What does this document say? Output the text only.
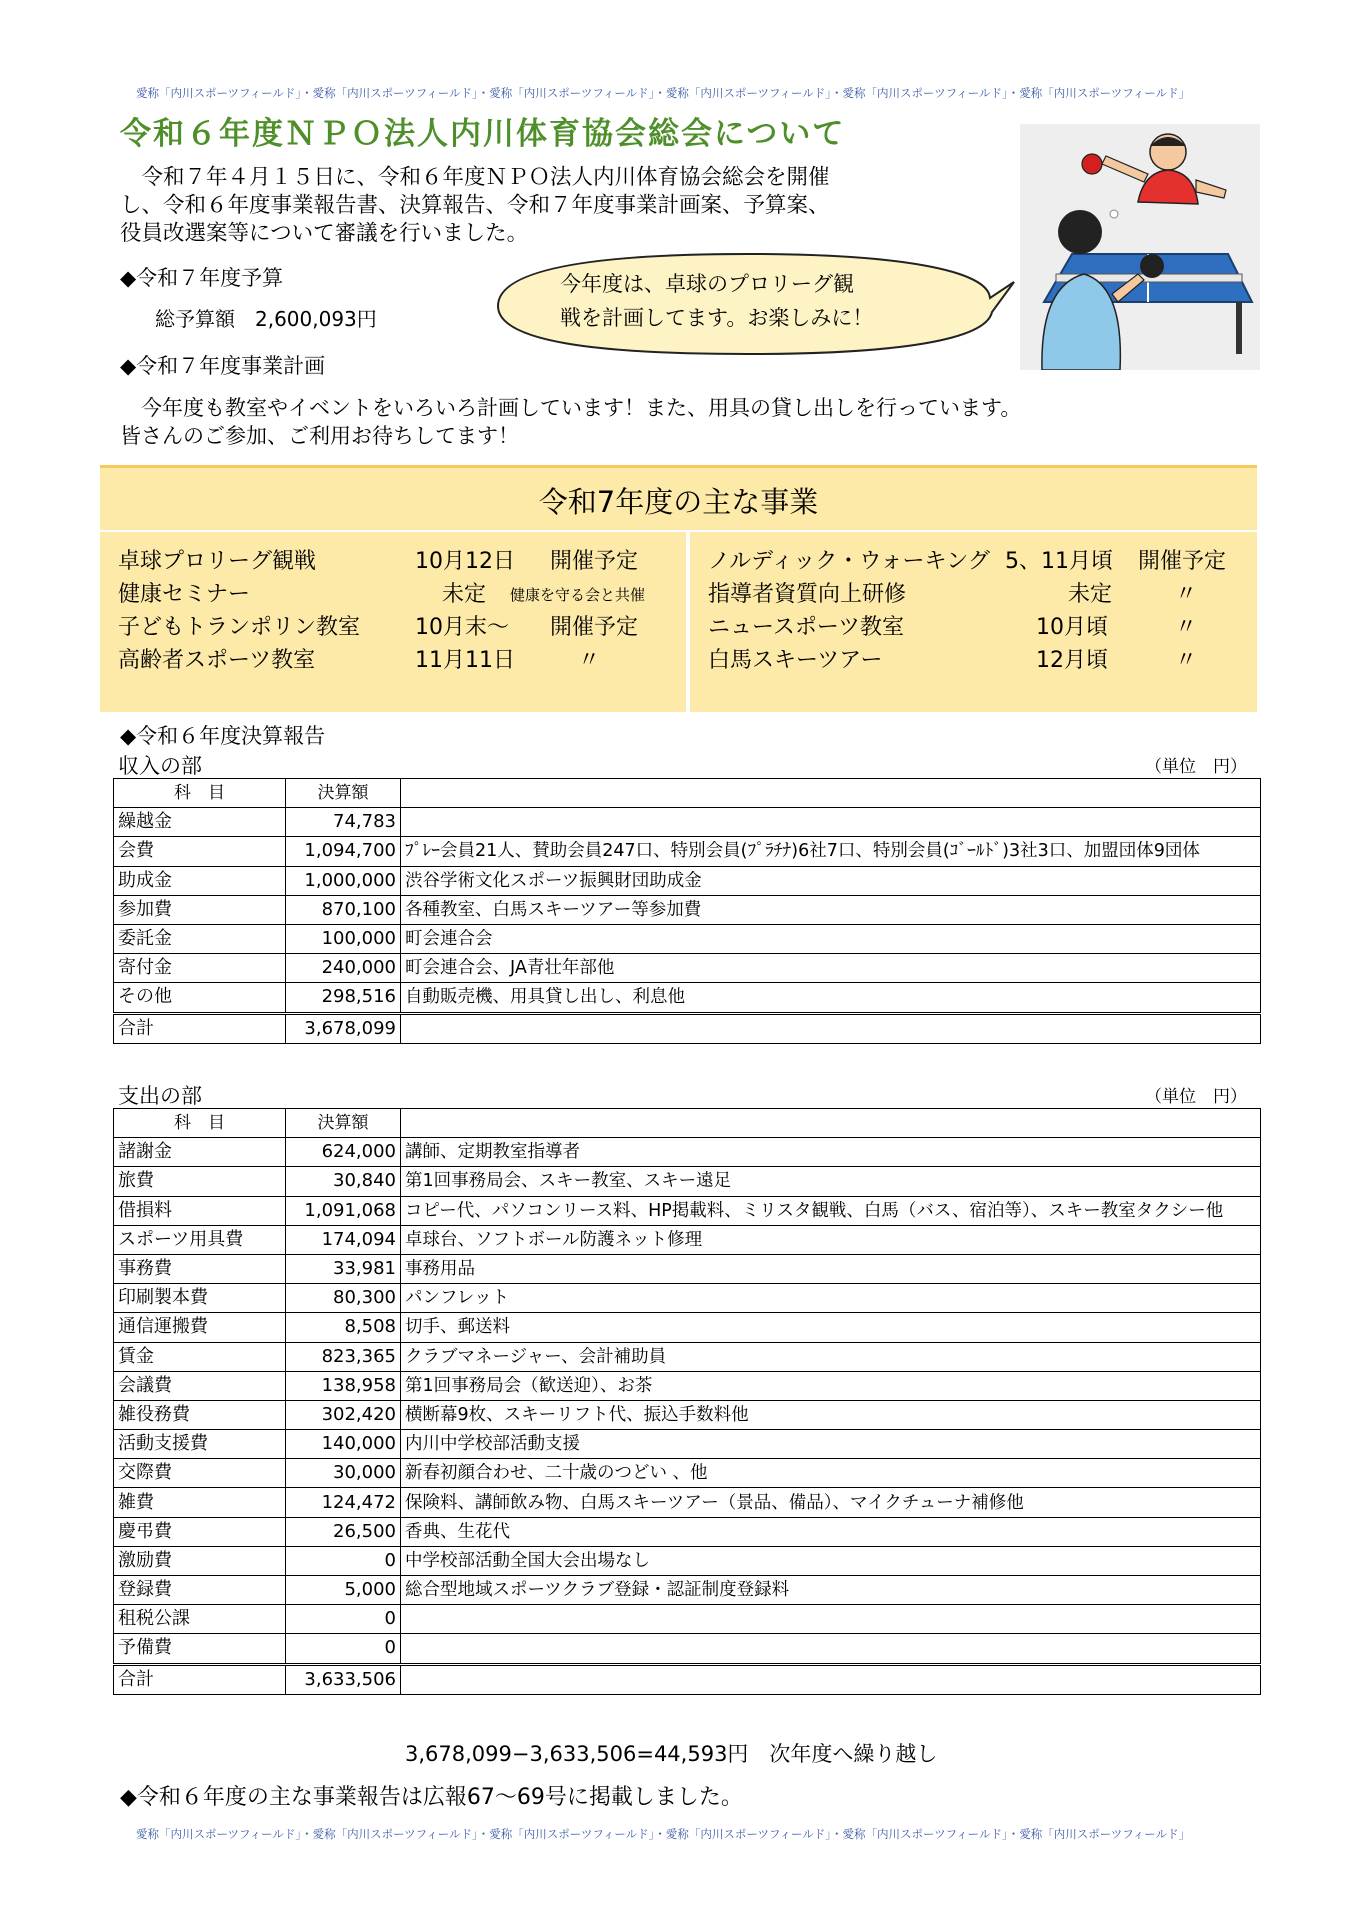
愛称「内川スポーツフィールド」・愛称「内川スポーツフィールド」・愛称「内川スポーツフィールド」・愛称「内川スポーツフィールド」・愛称「内川スポーツフィールド」・愛称「内川スポーツフィールド」
令和６年度ＮＰＯ法人内川体育協会総会について
　令和７年４月１５日に、令和６年度ＮＰＯ法人内川体育協会総会を開催
し、令和６年度事業報告書、決算報告、令和７年度事業計画案、予算案、
役員改選案等について審議を行いました。
◆令和７年度予算
総予算額　2,600,093円
今年度は、卓球のプロリーグ観
戦を計画してます。お楽しみに！
◆令和７年度事業計画
　今年度も教室やイベントをいろいろ計画しています！また、用具の貸し出しを行っています。
皆さんのご参加、ご利用お待ちしてます！
令和7年度の主な事業
卓球プロリーグ観戦	10月12日 開催予定
健康セミナー	未定 健康を守る会と共催
子どもトランポリン教室 10月末～ 開催予定
高齢者スポーツ教室	11月11日	〃
ノルディック・ウォーキング 5、11月頃 開催予定
指導者資質向上研修	未定	〃
ニュースポーツ教室	10月頃	〃
白馬スキーツアー	12月頃	〃
◆令和６年度決算報告
収入の部	（単位　円）
科　目	決算額	
繰越金	74,783	
会費	1,094,700	ﾌﾟﾚｰ会員21人、賛助会員247口、特別会員(ﾌﾟﾗﾁﾅ)6社7口、特別会員(ｺﾞｰﾙﾄﾞ)3社3口、加盟団体9団体
助成金	1,000,000	渋谷学術文化スポーツ振興財団助成金
参加費	870,100	各種教室、白馬スキーツアー等参加費
委託金	100,000	町会連合会
寄付金	240,000	町会連合会、JA青壮年部他
その他	298,516	自動販売機、用具貸し出し、利息他
合計	3,678,099	
支出の部	（単位　円）
科　目	決算額	
諸謝金	624,000	講師、定期教室指導者
旅費	30,840	第1回事務局会、スキー教室、スキー遠足
借損料	1,091,068	コピー代、パソコンリース料、HP掲載料、ミリスタ観戦、白馬（バス、宿泊等）、スキー教室タクシー他
スポーツ用具費	174,094	卓球台、ソフトボール防護ネット修理
事務費	33,981	事務用品
印刷製本費	80,300	パンフレット
通信運搬費	8,508	切手、郵送料
賃金	823,365	クラブマネージャー、会計補助員
会議費	138,958	第1回事務局会（歓送迎）、お茶
雑役務費	302,420	横断幕9枚、スキーリフト代、振込手数料他
活動支援費	140,000	内川中学校部活動支援
交際費	30,000	新春初顔合わせ、二十歳のつどい 、他
雑費	124,472	保険料、講師飲み物、白馬スキーツアー（景品、備品）、マイクチューナ補修他
慶弔費	26,500	香典、生花代
激励費	0	中学校部活動全国大会出場なし
登録費	5,000	総合型地域スポーツクラブ登録・認証制度登録料
租税公課	0	
予備費	0	
合計	3,633,506	
3,678,099−3,633,506=44,593円　次年度へ繰り越し
◆令和６年度の主な事業報告は広報67～69号に掲載しました。
愛称「内川スポーツフィールド」・愛称「内川スポーツフィールド」・愛称「内川スポーツフィールド」・愛称「内川スポーツフィールド」・愛称「内川スポーツフィールド」・愛称「内川スポーツフィールド」
